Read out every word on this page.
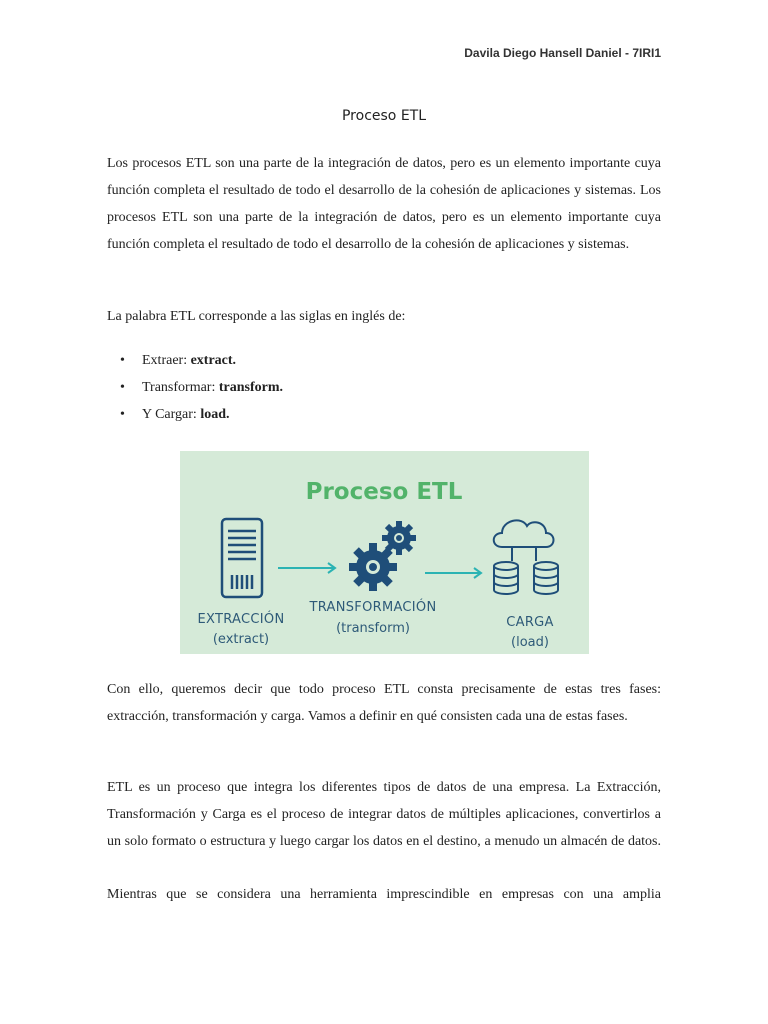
Davila Diego Hansell Daniel - 7IRI1
Proceso ETL

Los procesos ETL son una parte de la integración de datos, pero es un elemento importante cuya función completa el resultado de todo el desarrollo de la cohesión de aplicaciones y sistemas. Los procesos ETL son una parte de la integración de datos, pero es un elemento importante cuya función completa el resultado de todo el desarrollo de la cohesión de aplicaciones y sistemas.

La palabra ETL corresponde a las siglas en inglés de:

• Extraer: extract.
• Transformar: transform.
• Y Cargar: load.
Proceso ETL
EXTRACCIÓN
(extract)
TRANSFORMACIÓN
(transform)	CARGA
(load)

Con ello, queremos decir que todo proceso ETL consta precisamente de estas tres fases: extracción, transformación y carga. Vamos a definir en qué consisten cada una de estas fases.

ETL es un proceso que integra los diferentes tipos de datos de una empresa. La Extracción, Transformación y Carga es el proceso de integrar datos de múltiples aplicaciones, convertirlos a un solo formato o estructura y luego cargar los datos en el destino, a menudo un almacén de datos.

Mientras que se considera una herramienta imprescindible en empresas con una amplia
